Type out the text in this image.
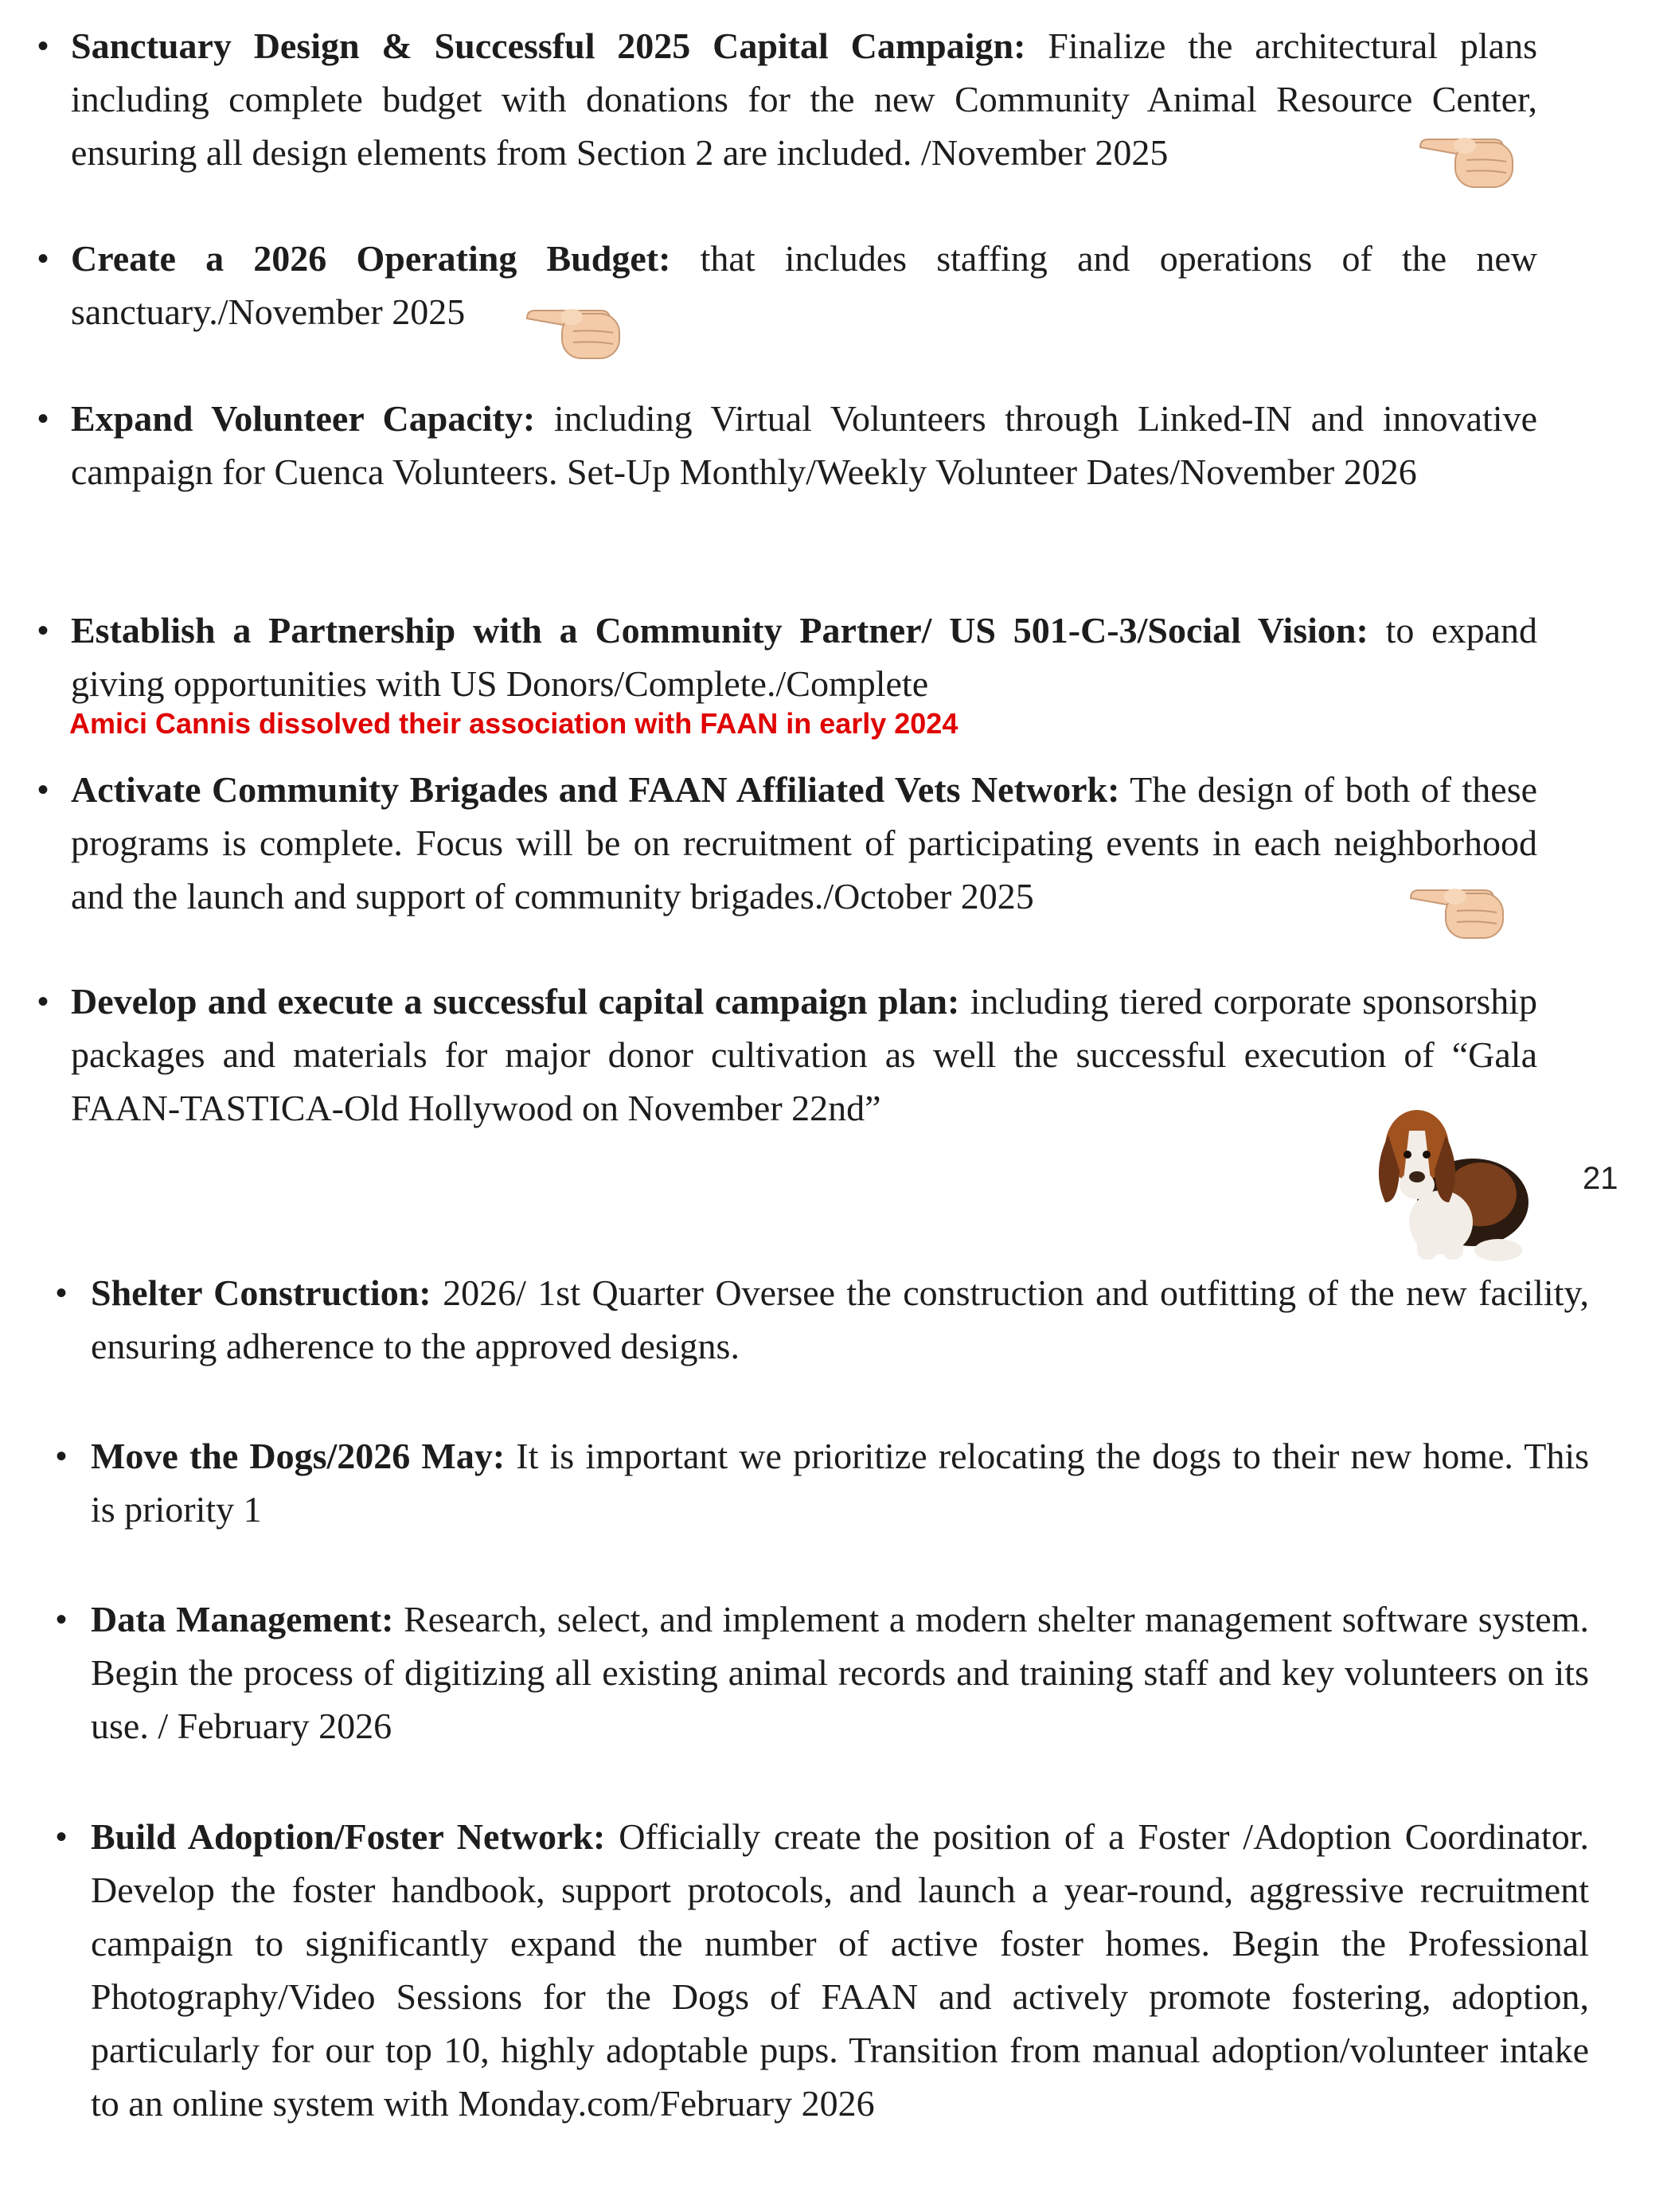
• Sanctuary Design & Successful 2025 Capital Campaign: Finalize the architectural plans including complete budget with donations for the new Community Animal Resource Center, ensuring all design elements from Section 2 are included. /November 2025
• Create a 2026 Operating Budget: that includes staffing and operations of the new sanctuary./November 2025
• Expand Volunteer Capacity: including Virtual Volunteers through Linked-IN and innovative campaign for Cuenca Volunteers. Set-Up Monthly/Weekly Volunteer Dates/November 2026
• Establish a Partnership with a Community Partner/ US 501-C-3/Social Vision: to expand giving opportunities with US Donors/Complete./Complete
Amici Cannis dissolved their association with FAAN in early 2024
• Activate Community Brigades and FAAN Affiliated Vets Network: The design of both of these programs is complete. Focus will be on recruitment of participating events in each neighborhood and the launch and support of community brigades./October 2025
• Develop and execute a successful capital campaign plan: including tiered corporate sponsorship packages and materials for major donor cultivation as well the successful execution of “Gala FAAN-TASTICA-Old Hollywood on November 22nd”
21
• Shelter Construction: 2026/ 1st Quarter Oversee the construction and outfitting of the new facility, ensuring adherence to the approved designs.
• Move the Dogs/2026 May: It is important we prioritize relocating the dogs to their new home. This is priority 1
• Data Management: Research, select, and implement a modern shelter management software system. Begin the process of digitizing all existing animal records and training staff and key volunteers on its use. / February 2026
• Build Adoption/Foster Network: Officially create the position of a Foster /Adoption Coordinator. Develop the foster handbook, support protocols, and launch a year-round, aggressive recruitment campaign to significantly expand the number of active foster homes. Begin the Professional Photography/Video Sessions for the Dogs of FAAN and actively promote fostering, adoption, particularly for our top 10, highly adoptable pups. Transition from manual adoption/volunteer intake to an online system with Monday.com/February 2026
